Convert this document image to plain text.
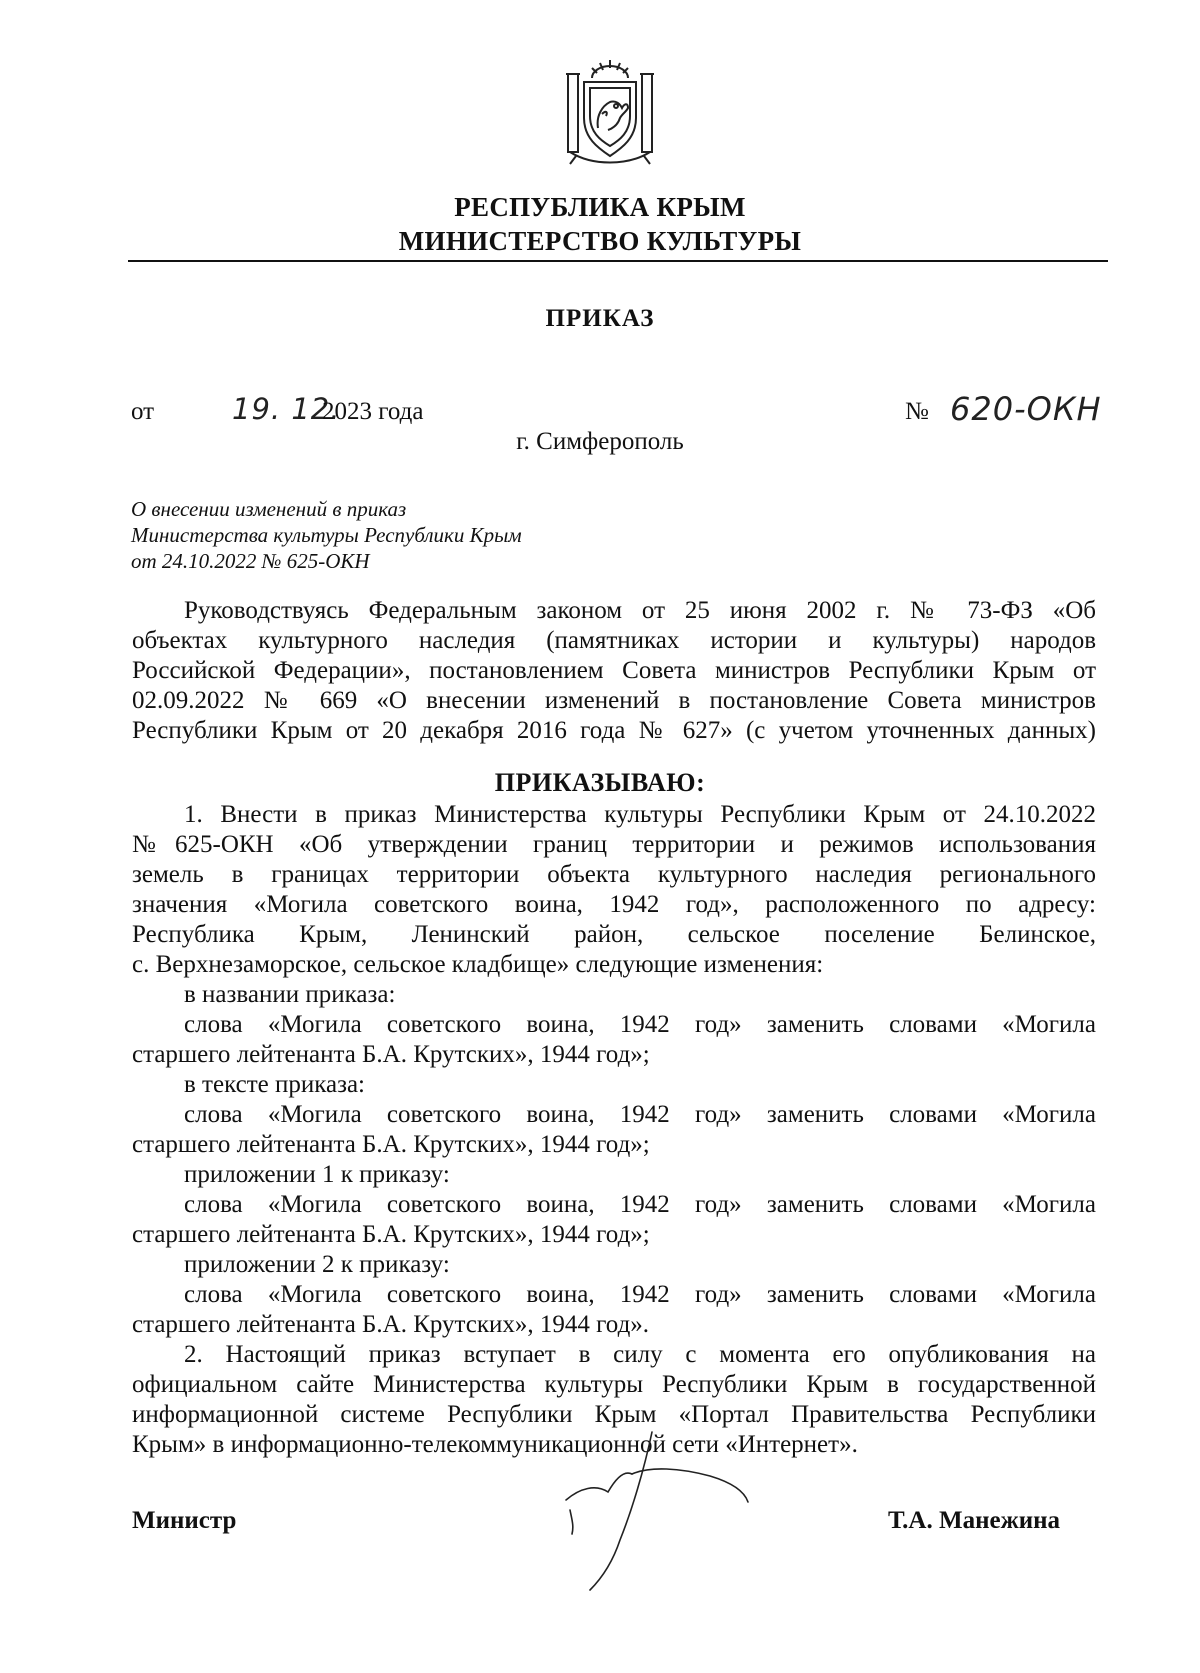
РЕСПУБЛИКА КРЫМ
МИНИСТЕРСТВО КУЛЬТУРЫ
ПРИКАЗ
от	19. 12.
2023 года	№ 620-ОКН
г. Симферополь
О внесении изменений в приказ
Министерства культуры Республики Крым
от 24.10.2022 № 625-ОКН
Руководствуясь Федеральным законом от 25 июня 2002 г. № 73-ФЗ «Об
объектах культурного наследия (памятниках истории и культуры) народов
Российской Федерации», постановлением Совета министров Республики Крым от
02.09.2022 № 669 «О внесении изменений в постановление Совета министров
Республики Крым от 20 декабря 2016 года № 627» (с учетом уточненных данных)
ПРИКАЗЫВАЮ:
1. Внести в приказ Министерства культуры Республики Крым от 24.10.2022
№625-ОКН «Об утверждении границ территории и режимов использования
земель в границах территории объекта культурного наследия регионального
значения «Могила советского воина, 1942 год», расположенного по адресу:
Республика Крым, Ленинский район, сельское поселение Белинское,
с. Верхнезаморское, сельское кладбище» следующие изменения:
в названии приказа:
слова «Могила советского воина, 1942 год» заменить словами «Могила
старшего лейтенанта Б.А. Крутских», 1944 год»;
в тексте приказа:
слова «Могила советского воина, 1942 год» заменить словами «Могила
старшего лейтенанта Б.А. Крутских», 1944 год»;
приложении 1 к приказу:
слова «Могила советского воина, 1942 год» заменить словами «Могила
старшего лейтенанта Б.А. Крутских», 1944 год»;
приложении 2 к приказу:
слова «Могила советского воина, 1942 год» заменить словами «Могила
старшего лейтенанта Б.А. Крутских», 1944 год».
2. Настоящий приказ вступает в силу с момента его опубликования на
официальном сайте Министерства культуры Республики Крым в государственной
информационной системе Республики Крым «Портал Правительства Республики
Крым» в информационно-телекоммуникационной сети «Интернет».
Министр	Т.А. Манежина
